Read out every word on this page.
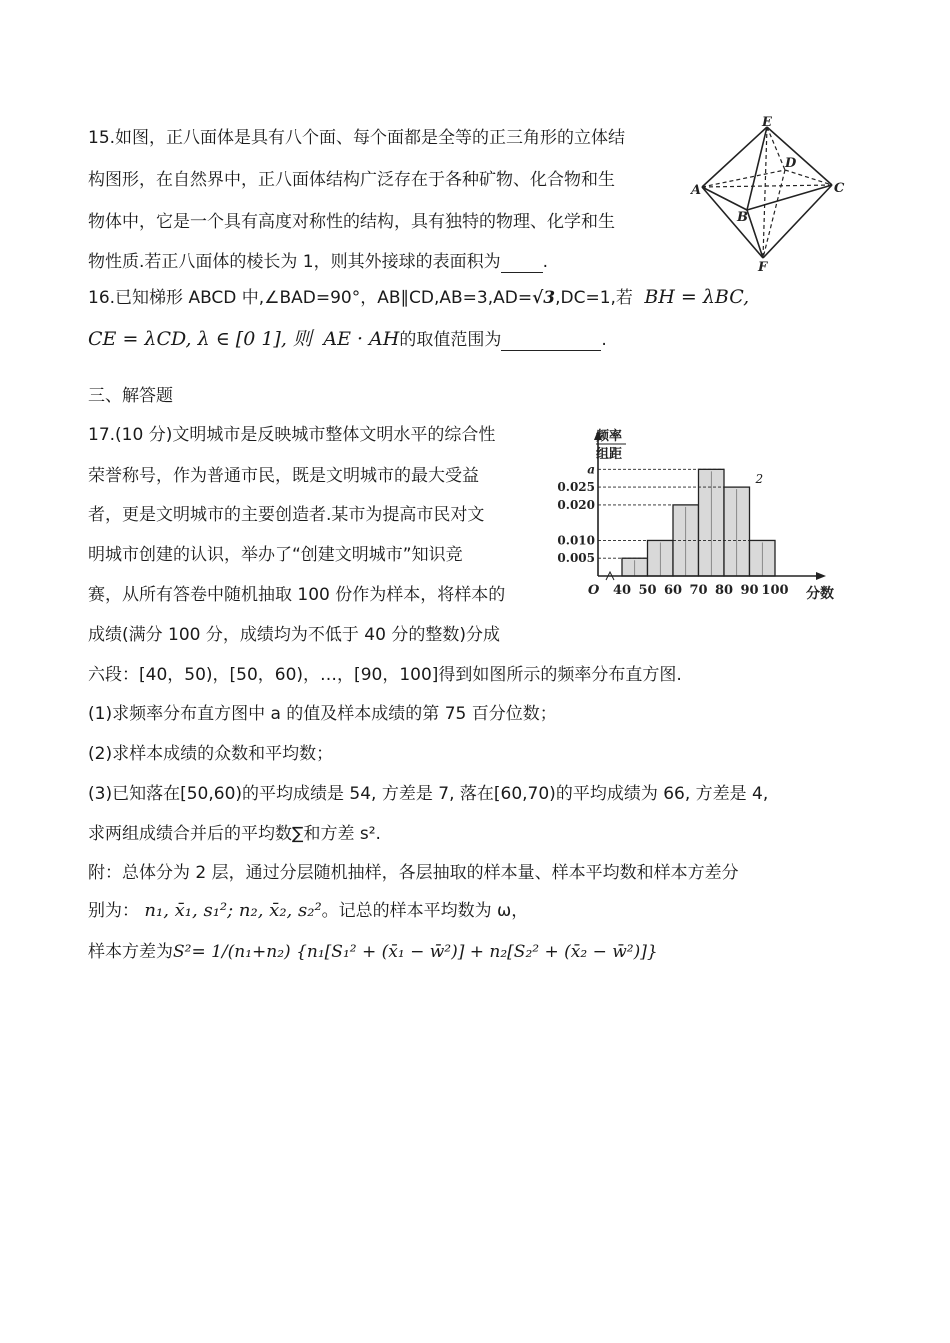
15.如图，正八面体是具有八个面、每个面都是全等的正三角形的立体结
构图形，在自然界中，正八面体结构广泛存在于各种矿物、化合物和生
物体中，它是一个具有高度对称性的结构，具有独特的物理、化学和生
物性质.若正八面体的棱长为 1，则其外接球的表面积为 .
E
D
A	C
B
F
16.已知梯形 ABCD 中,∠BAD=90°，AB∥CD,AB=3,AD=√3,DC=1,若 BH = λBC,
CE = λCD, λ ∈ [0 1], 则 AE · AH的取值范围为	.
三、解答题
17.(10 分)文明城市是反映城市整体文明水平的综合性
荣誉称号，作为普通市民，既是文明城市的最大受益
者，更是文明城市的主要创造者.某市为提高市民对文
明城市创建的认识，举办了“创建文明城市”知识竞
赛，从所有答卷中随机抽取 100 份作为样本，将样本的
成绩(满分 100 分，成绩均为不低于 40 分的整数)分成
六段：[40，50)，[50，60)，…，[90，100]得到如图所示的频率分布直方图.
(1)求频率分布直方图中 a 的值及样本成绩的第 75 百分位数；
(2)求样本成绩的众数和平均数；
(3)已知落在[50,60)的平均成绩是 54, 方差是 7, 落在[60,70)的平均成绩为 66, 方差是 4,
求两组成绩合并后的平均数∑和方差 s².
附：总体分为 2 层，通过分层随机抽样，各层抽取的样本量、样本平均数和样本方差分
别为： n₁, x̄₁, s₁²; n₂, x̄₂, s₂²。记总的样本平均数为 ω，
样本方差为S²= 1/(n₁+n₂) {n₁[S₁² + (x̄₁ − w̄²)] + n₂[S₂² + (x̄₂ − w̄²)]}
频率
组距
a
0.025
0.020
0.010
0.005
40 50 60 70 80 90 100
O	分数
2
